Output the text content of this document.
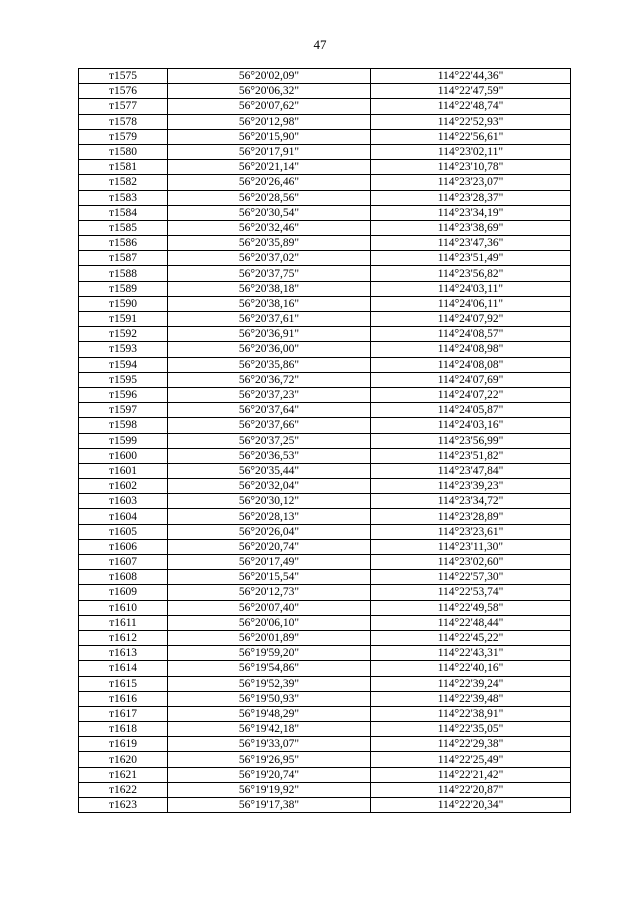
47
т1575	56°20'02,09"	114°22'44,36"
т1576	56°20'06,32"	114°22'47,59"
т1577	56°20'07,62"	114°22'48,74"
т1578	56°20'12,98"	114°22'52,93"
т1579	56°20'15,90"	114°22'56,61"
т1580	56°20'17,91"	114°23'02,11"
т1581	56°20'21,14"	114°23'10,78"
т1582	56°20'26,46"	114°23'23,07"
т1583	56°20'28,56"	114°23'28,37"
т1584	56°20'30,54"	114°23'34,19"
т1585	56°20'32,46"	114°23'38,69"
т1586	56°20'35,89"	114°23'47,36"
т1587	56°20'37,02"	114°23'51,49"
т1588	56°20'37,75"	114°23'56,82"
т1589	56°20'38,18"	114°24'03,11"
т1590	56°20'38,16"	114°24'06,11"
т1591	56°20'37,61"	114°24'07,92"
т1592	56°20'36,91"	114°24'08,57"
т1593	56°20'36,00"	114°24'08,98"
т1594	56°20'35,86"	114°24'08,08"
т1595	56°20'36,72"	114°24'07,69"
т1596	56°20'37,23"	114°24'07,22"
т1597	56°20'37,64"	114°24'05,87"
т1598	56°20'37,66"	114°24'03,16"
т1599	56°20'37,25"	114°23'56,99"
т1600	56°20'36,53"	114°23'51,82"
т1601	56°20'35,44"	114°23'47,84"
т1602	56°20'32,04"	114°23'39,23"
т1603	56°20'30,12"	114°23'34,72"
т1604	56°20'28,13"	114°23'28,89"
т1605	56°20'26,04"	114°23'23,61"
т1606	56°20'20,74"	114°23'11,30"
т1607	56°20'17,49"	114°23'02,60"
т1608	56°20'15,54"	114°22'57,30"
т1609	56°20'12,73"	114°22'53,74"
т1610	56°20'07,40"	114°22'49,58"
т1611	56°20'06,10"	114°22'48,44"
т1612	56°20'01,89"	114°22'45,22"
т1613	56°19'59,20"	114°22'43,31"
т1614	56°19'54,86"	114°22'40,16"
т1615	56°19'52,39"	114°22'39,24"
т1616	56°19'50,93"	114°22'39,48"
т1617	56°19'48,29"	114°22'38,91"
т1618	56°19'42,18"	114°22'35,05"
т1619	56°19'33,07"	114°22'29,38"
т1620	56°19'26,95"	114°22'25,49"
т1621	56°19'20,74"	114°22'21,42"
т1622	56°19'19,92"	114°22'20,87"
т1623	56°19'17,38"	114°22'20,34"
